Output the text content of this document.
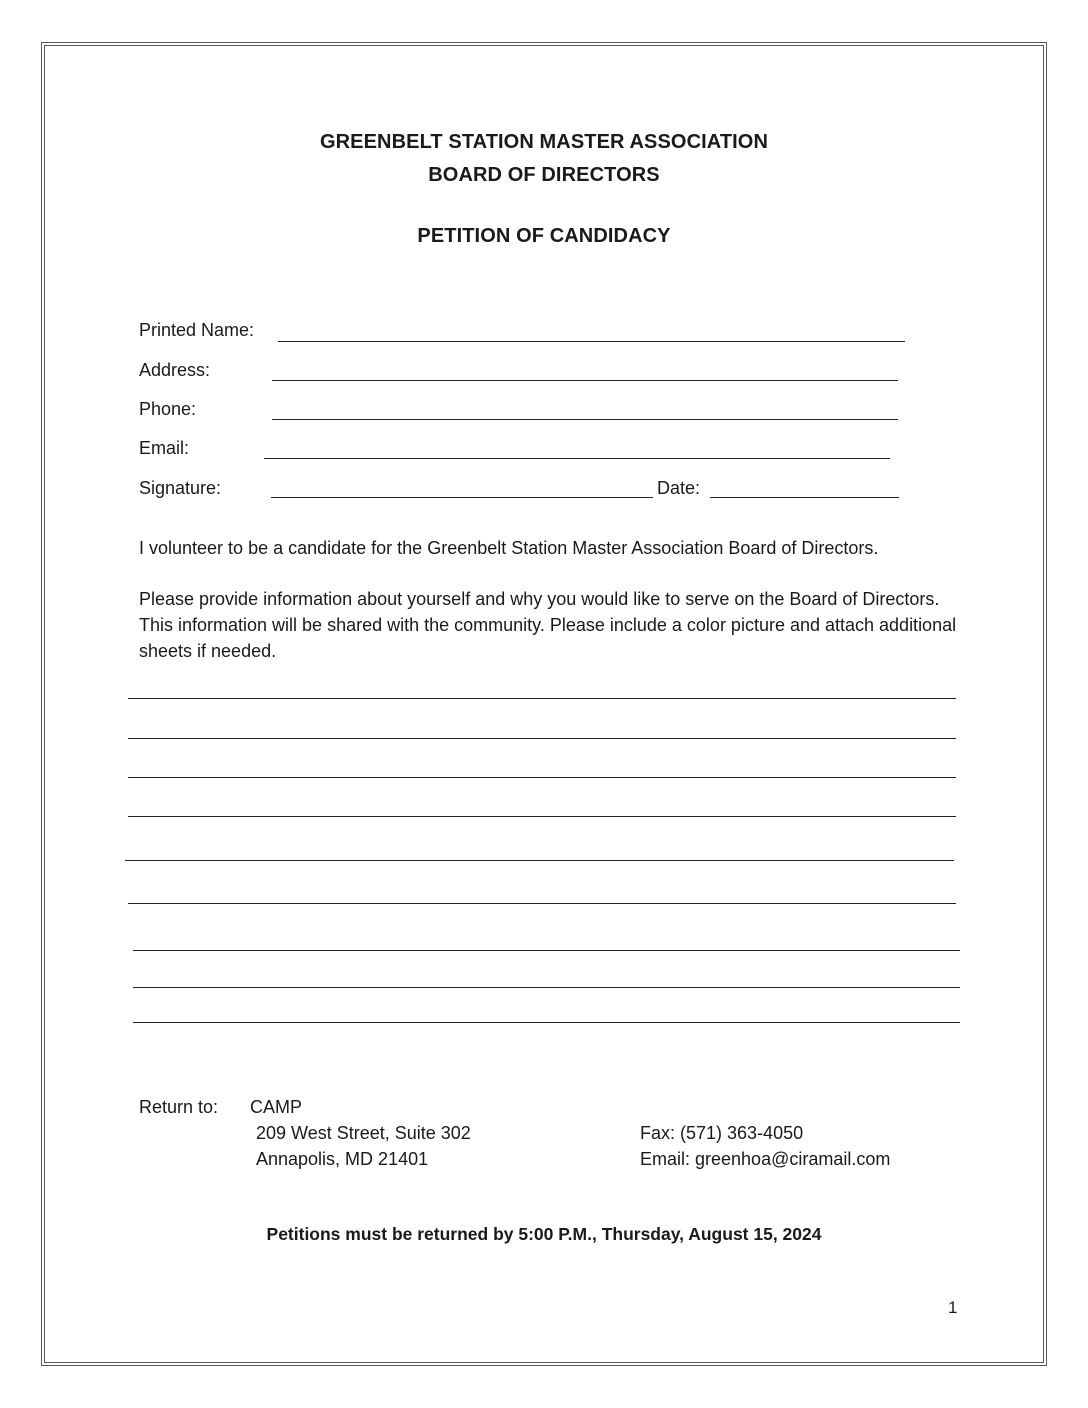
GREENBELT STATION MASTER ASSOCIATION
BOARD OF DIRECTORS
PETITION OF CANDIDACY
Printed Name:
Address:
Phone:
Email:
Signature:	Date:
I volunteer to be a candidate for the Greenbelt Station Master Association Board of Directors.
Please provide information about yourself and why you would like to serve on the Board of Directors. This information will be shared with the community. Please include a color picture and attach additional sheets if needed.
Return to: CAMP
209 West Street, Suite 302
Annapolis, MD 21401
Fax: (571) 363-4050
Email: greenhoa@ciramail.com
Petitions must be returned by 5:00 P.M., Thursday, August 15, 2024
1
